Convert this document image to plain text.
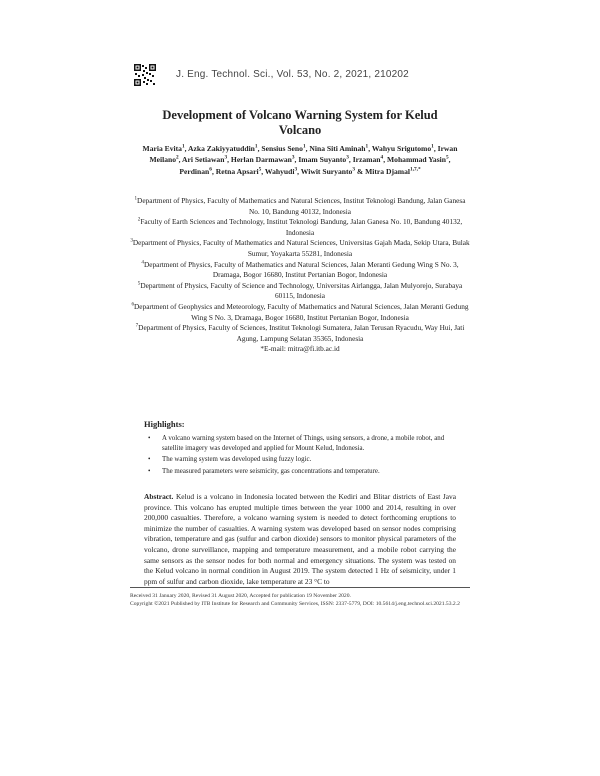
J. Eng. Technol. Sci., Vol. 53, No. 2, 2021, 210202
Development of Volcano Warning System for Kelud Volcano
Maria Evita$^1$, Azka Zakiyyatuddin$^1$, Sensius Seno$^1$, Nina Siti Aminah$^1$, Wahyu Srigutomo$^1$, Irwan Meilano$^2$, Ari Setiawan$^3$, Herlan Darmawan$^3$, Imam Suyanto$^3$, Irzaman$^4$, Mohammad Yasin$^5$, Perdinan$^6$, Retna Apsari$^5$, Wahyudi$^3$, Wiwit Suryanto$^3$ & Mitra Djamal$^{1,7,*}$

$^1$Department of Physics, Faculty of Mathematics and Natural Sciences, Institut Teknologi Bandung, Jalan Ganesa No. 10, Bandung 40132, Indonesia

$^2$Faculty of Earth Sciences and Technology, Institut Teknologi Bandung, Jalan Ganesa No. 10, Bandung 40132, Indonesia

$^3$Department of Physics, Faculty of Mathematics and Natural Sciences, Universitas Gajah Mada, Sekip Utara, Bulak Sumur, Yoyakarta 55281, Indonesia

$^4$Department of Physics, Faculty of Mathematics and Natural Sciences, Jalan Meranti Gedung Wing S No. 3, Dramaga, Bogor 16680, Institut Pertanian Bogor, Indonesia

$^5$Department of Physics, Faculty of Science and Technology, Universitas Airlangga, Jalan Mulyorejo, Surabaya 60115, Indonesia

$^6$Department of Geophysics and Meteorology, Faculty of Mathematics and Natural Sciences, Jalan Meranti Gedung Wing S No. 3, Dramaga, Bogor 16680, Institut Pertanian Bogor, Indonesia

$^7$Department of Physics, Faculty of Sciences, Institut Teknologi Sumatera, Jalan Terusan Ryacudu, Way Hui, Jati Agung, Lampung Selatan 35365, Indonesia

*E-mail: mitra@fi.itb.ac.id

Highlights:
• A volcano warning system based on the Internet of Things, using sensors, a drone, a mobile robot, and satellite imagery was developed and applied for Mount Kelud, Indonesia.
• The warning system was developed using fuzzy logic.
• The measured parameters were seismicity, gas concentrations and temperature.
Abstract. Kelud is a volcano in Indonesia located between the Kediri and Blitar districts of East Java province. This volcano has erupted multiple times between the year 1000 and 2014, resulting in over 200,000 casualties. Therefore, a volcano warning system is needed to detect forthcoming eruptions to minimize the number of casualties. A warning system was developed based on sensor nodes comprising vibration, temperature and gas (sulfur and carbon dioxide) sensors to monitor physical parameters of the volcano, drone surveillance, mapping and temperature measurement, and a mobile robot carrying the same sensors as the sensor nodes for both normal and emergency situations. The system was tested on the Kelud volcano in normal condition in August 2019. The system detected 1 Hz of seismicity, under 1 ppm of sulfur and carbon dioxide, lake temperature at 23 °C to

Received 31 January 2020, Revised 31 August 2020, Accepted for publication 19 November 2020.

Copyright ©2021 Published by ITB Institute for Research and Community Services, ISSN: 2337-5779, DOI: 10.5614/j.eng.technol.sci.2021.53.2.2
